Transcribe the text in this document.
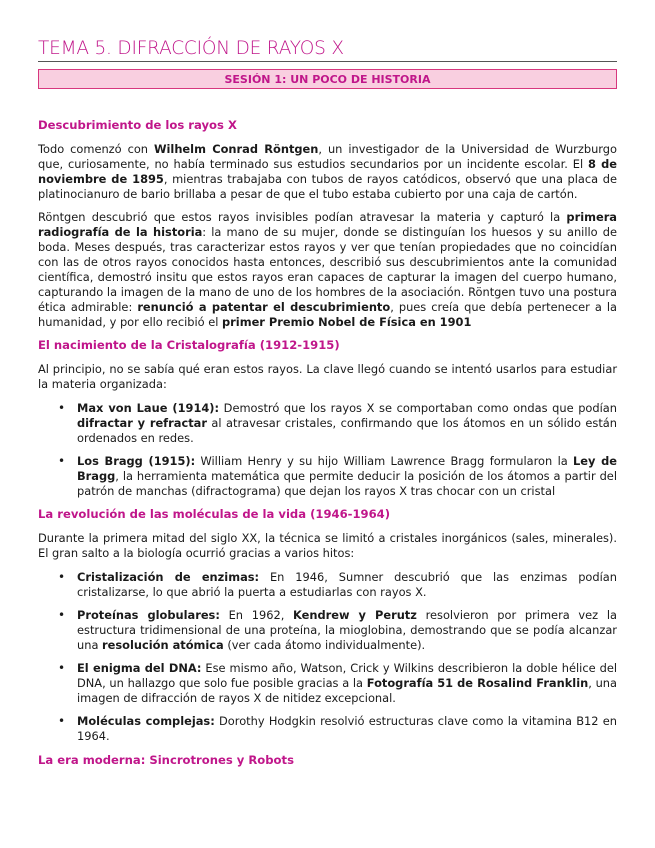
TEMA 5. DIFRACCIÓN DE RAYOS X
SESIÓN 1: UN POCO DE HISTORIA
Descubrimiento de los rayos X

Todo comenzó con Wilhelm Conrad Röntgen, un investigador de la Universidad de Wurzburgo que, curiosamente, no había terminado sus estudios secundarios por un incidente escolar. El 8 de noviembre de 1895, mientras trabajaba con tubos de rayos catódicos, observó que una placa de platinocianuro de bario brillaba a pesar de que el tubo estaba cubierto por una caja de cartón.

Röntgen descubrió que estos rayos invisibles podían atravesar la materia y capturó la primera radiografía de la historia: la mano de su mujer, donde se distinguían los huesos y su anillo de boda. Meses después, tras caracterizar estos rayos y ver que tenían propiedades que no coincidían con las de otros rayos conocidos hasta entonces, describió sus descubrimientos ante la comunidad científica, demostró insitu que estos rayos eran capaces de capturar la imagen del cuerpo humano, capturando la imagen de la mano de uno de los hombres de la asociación. Röntgen tuvo una postura ética admirable: renunció a patentar el descubrimiento, pues creía que debía pertenecer a la humanidad, y por ello recibió el primer Premio Nobel de Física en 1901

El nacimiento de la Cristalografía (1912-1915)

Al principio, no se sabía qué eran estos rayos. La clave llegó cuando se intentó usarlos para estudiar la materia organizada:

• Max von Laue (1914): Demostró que los rayos X se comportaban como ondas que podían difractar y refractar al atravesar cristales, confirmando que los átomos en un sólido están ordenados en redes.
• Los Bragg (1915): William Henry y su hijo William Lawrence Bragg formularon la Ley de Bragg, la herramienta matemática que permite deducir la posición de los átomos a partir del patrón de manchas (difractograma) que dejan los rayos X tras chocar con un cristal
La revolución de las moléculas de la vida (1946-1964)

Durante la primera mitad del siglo XX, la técnica se limitó a cristales inorgánicos (sales, minerales). El gran salto a la biología ocurrió gracias a varios hitos:

• Cristalización de enzimas: En 1946, Sumner descubrió que las enzimas podían cristalizarse, lo que abrió la puerta a estudiarlas con rayos X.
• Proteínas globulares: En 1962, Kendrew y Perutz resolvieron por primera vez la estructura tridimensional de una proteína, la mioglobina, demostrando que se podía alcanzar una resolución atómica (ver cada átomo individualmente).
• El enigma del DNA: Ese mismo año, Watson, Crick y Wilkins describieron la doble hélice del DNA, un hallazgo que solo fue posible gracias a la Fotografía 51 de Rosalind Franklin, una imagen de difracción de rayos X de nitidez excepcional.
• Moléculas complejas: Dorothy Hodgkin resolvió estructuras clave como la vitamina B12 en 1964.
La era moderna: Sincrotrones y Robots
